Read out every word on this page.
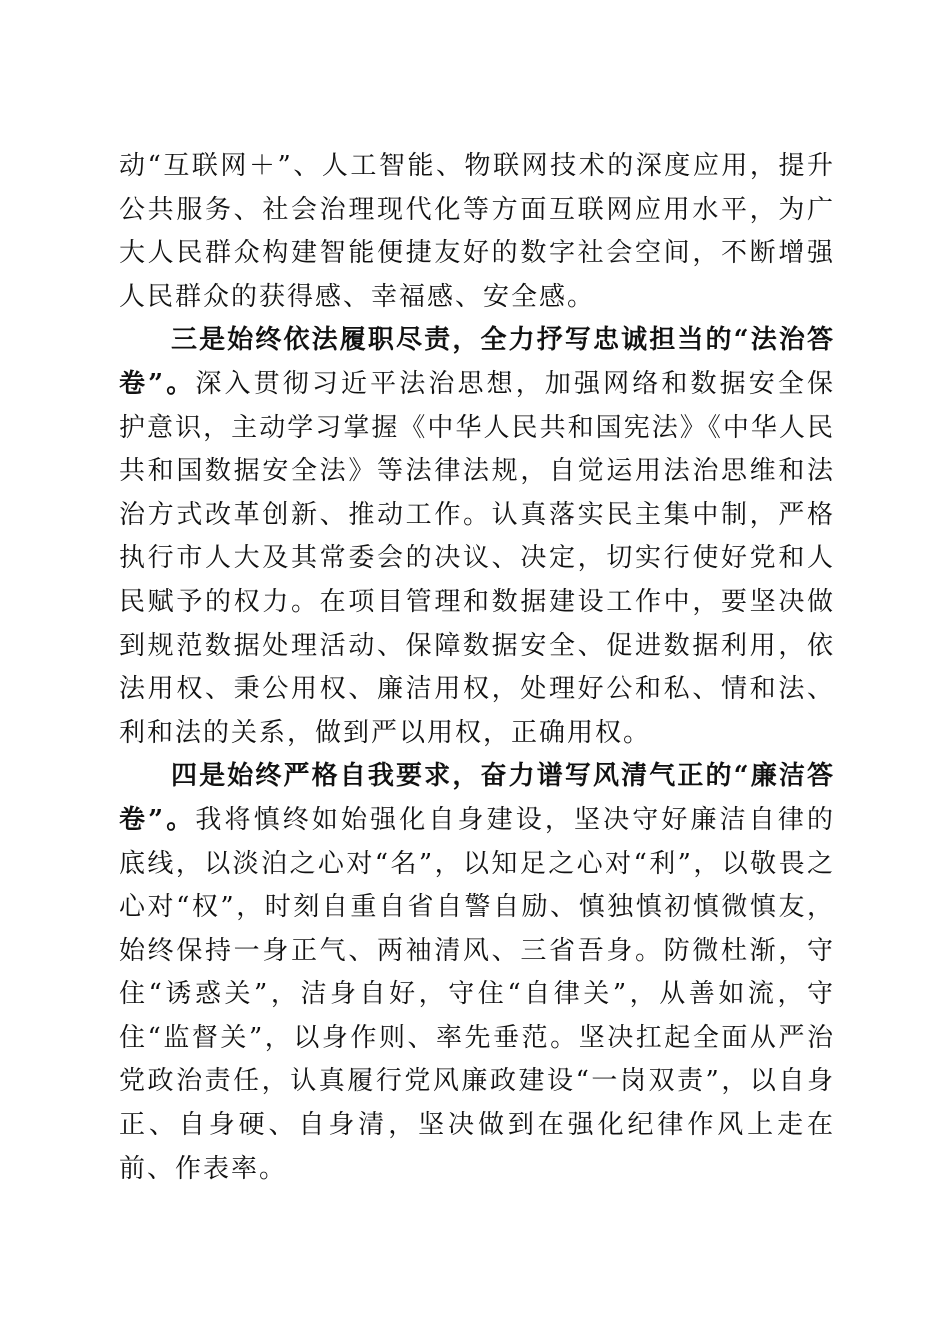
动“互联网＋”、人工智能、物联网技术的深度应用，提升公共服务、社会治理现代化等方面互联网应用水平，为广大人民群众构建智能便捷友好的数字社会空间，不断增强人民群众的获得感、幸福感、安全感。

三是始终依法履职尽责，全力抒写忠诚担当的“法治答卷”。深入贯彻习近平法治思想，加强网络和数据安全保护意识，主动学习掌握《中华人民共和国宪法》《中华人民共和国数据安全法》等法律法规，自觉运用法治思维和法治方式改革创新、推动工作。认真落实民主集中制，严格执行市人大及其常委会的决议、决定，切实行使好党和人民赋予的权力。在项目管理和数据建设工作中，要坚决做到规范数据处理活动、保障数据安全、促进数据利用，依法用权、秉公用权、廉洁用权，处理好公和私、情和法、利和法的关系，做到严以用权，正确用权。

四是始终严格自我要求，奋力谱写风清气正的“廉洁答卷”。我将慎终如始强化自身建设，坚决守好廉洁自律的底线，以淡泊之心对“名”，以知足之心对“利”，以敬畏之心对“权”，时刻自重自省自警自励、慎独慎初慎微慎友，始终保持一身正气、两袖清风、三省吾身。防微杜渐，守住“诱惑关”，洁身自好，守住“自律关”，从善如流，守住“监督关”，以身作则、率先垂范。坚决扛起全面从严治党政治责任，认真履行党风廉政建设“一岗双责”，以自身正、自身硬、自身清，坚决做到在强化纪律作风上走在前、作表率。
